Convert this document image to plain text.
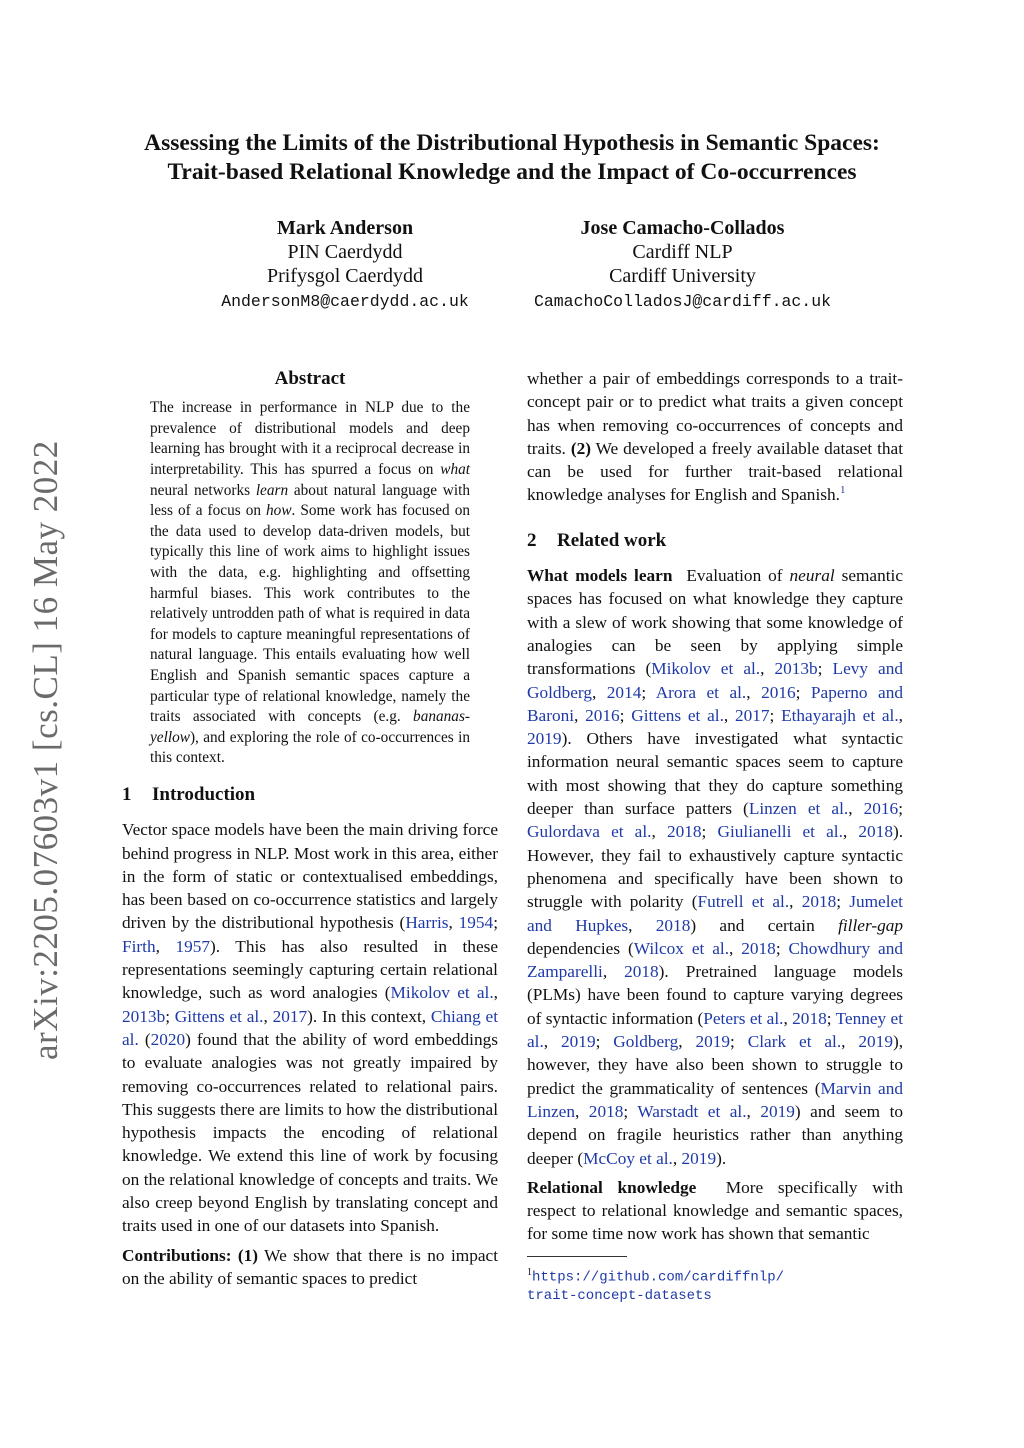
arXiv:2205.07603v1 [cs.CL] 16 May 2022
Assessing the Limits of the Distributional Hypothesis in Semantic Spaces:
Trait-based Relational Knowledge and the Impact of Co-occurrences
Mark Anderson
PIN Caerdydd
Prifysgol Caerdydd
AndersonM8@caerdydd.ac.uk
Jose Camacho-Collados
Cardiff NLP
Cardiff University
CamachoColladosJ@cardiff.ac.uk
Abstract

The increase in performance in NLP due to the prevalence of distributional models and deep learning has brought with it a reciprocal decrease in interpretability. This has spurred a focus on what neural networks learn about natural language with less of a focus on how. Some work has focused on the data used to develop data-driven models, but typically this line of work aims to highlight issues with the data, e.g. highlighting and offsetting harmful biases. This work contributes to the relatively untrodden path of what is required in data for models to capture meaningful representations of natural language. This entails evaluating how well English and Spanish semantic spaces capture a particular type of relational knowledge, namely the traits associated with concepts (e.g. bananas-yellow), and exploring the role of co-occurrences in this context.

1 Introduction

Vector space models have been the main driving force behind progress in NLP. Most work in this area, either in the form of static or contextualised embeddings, has been based on co-occurrence statistics and largely driven by the distributional hypothesis (Harris, 1954; Firth, 1957). This has also resulted in these representations seemingly capturing certain relational knowledge, such as word analogies (Mikolov et al., 2013b; Gittens et al., 2017). In this context, Chiang et al. (2020) found that the ability of word embeddings to evaluate analogies was not greatly impaired by removing co-occurrences related to relational pairs. This suggests there are limits to how the distributional hypothesis impacts the encoding of relational knowledge. We extend this line of work by focusing on the relational knowledge of concepts and traits. We also creep beyond English by translating concept and traits used in one of our datasets into Spanish.

Contributions: (1) We show that there is no impact on the ability of semantic spaces to predict

whether a pair of embeddings corresponds to a trait-concept pair or to predict what traits a given concept has when removing co-occurrences of concepts and traits. (2) We developed a freely available dataset that can be used for further trait-based relational knowledge analyses for English and Spanish.$^1$

2 Related work

What models learn Evaluation of neural semantic spaces has focused on what knowledge they capture with a slew of work showing that some knowledge of analogies can be seen by applying simple transformations (Mikolov et al., 2013b; Levy and Goldberg, 2014; Arora et al., 2016; Paperno and Baroni, 2016; Gittens et al., 2017; Ethayarajh et al., 2019). Others have investigated what syntactic information neural semantic spaces seem to capture with most showing that they do capture something deeper than surface patters (Linzen et al., 2016; Gulordava et al., 2018; Giulianelli et al., 2018). However, they fail to exhaustively capture syntactic phenomena and specifically have been shown to struggle with polarity (Futrell et al., 2018; Jumelet and Hupkes, 2018) and certain filler-gap dependencies (Wilcox et al., 2018; Chowdhury and Zamparelli, 2018). Pretrained language models (PLMs) have been found to capture varying degrees of syntactic information (Peters et al., 2018; Tenney et al., 2019; Goldberg, 2019; Clark et al., 2019), however, they have also been shown to struggle to predict the grammaticality of sentences (Marvin and Linzen, 2018; Warstadt et al., 2019) and seem to depend on fragile heuristics rather than anything deeper (McCoy et al., 2019).

Relational knowledge More specifically with respect to relational knowledge and semantic spaces, for some time now work has shown that semantic

$^1$https://github.com/cardiffnlp/
trait-concept-datasets
